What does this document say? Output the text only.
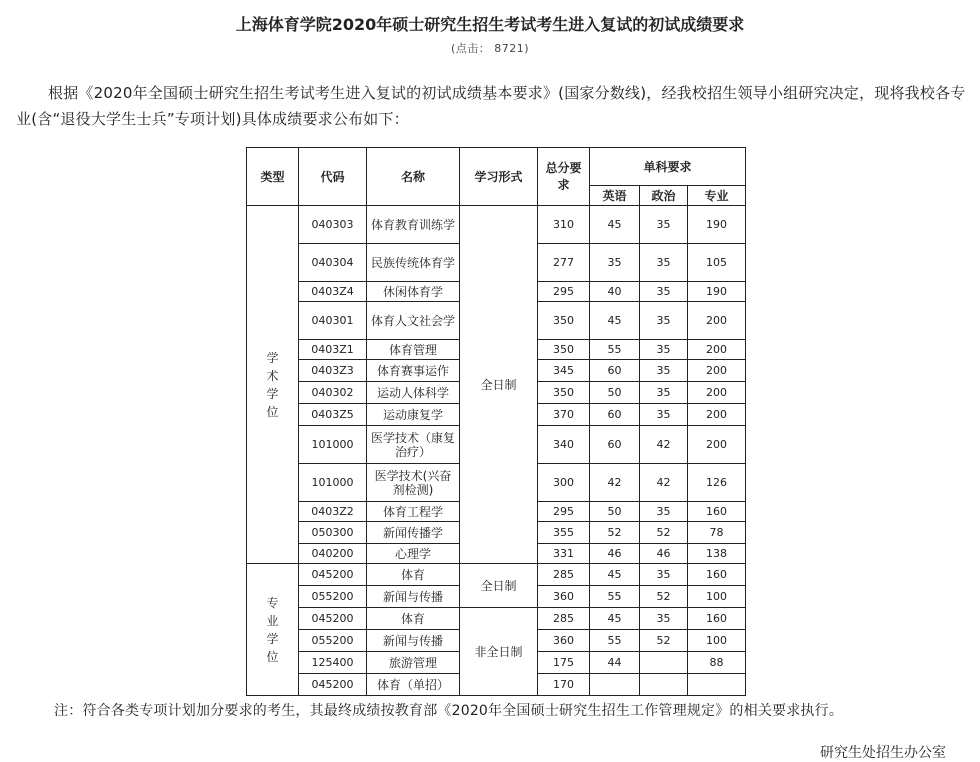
上海体育学院2020年硕士研究生招生考试考生进入复试的初试成绩要求
(点击： 8721)
根据《2020年全国硕士研究生招生考试考生进入复试的初试成绩基本要求》(国家分数线)，经我校招生领导小组研究决定，现将我校各专业(含“退役大学生士兵”专项计划)具体成绩要求公布如下：
类型	代码	名称	学习形式	总分要求	单科要求		
					英语	政治	专业
学术学位	040303	体育教育训练学	全日制	310	45	35	190
	040304	民族传统体育学		277	35	35	105
	0403Z4	休闲体育学		295	40	35	190
	040301	体育人文社会学		350	45	35	200
	0403Z1	体育管理		350	55	35	200
	0403Z3	体育赛事运作		345	60	35	200
	040302	运动人体科学		350	50	35	200
	0403Z5	运动康复学		370	60	35	200
	101000	医学技术（康复治疗）		340	60	42	200
	101000	医学技术(兴奋剂检测)		300	42	42	126
	0403Z2	体育工程学		295	50	35	160
	050300	新闻传播学		355	52	52	78
	040200	心理学		331	46	46	138
专业学位	045200	体育	全日制	285	45	35	160
	055200	新闻与传播		360	55	52	100
	045200	体育	非全日制	285	45	35	160
	055200	新闻与传播		360	55	52	100
	125400	旅游管理		175	44		88
	045200	体育（单招）		170			
注：符合各类专项计划加分要求的考生，其最终成绩按教育部《2020年全国硕士研究生招生工作管理规定》的相关要求执行。
研究生处招生办公室
